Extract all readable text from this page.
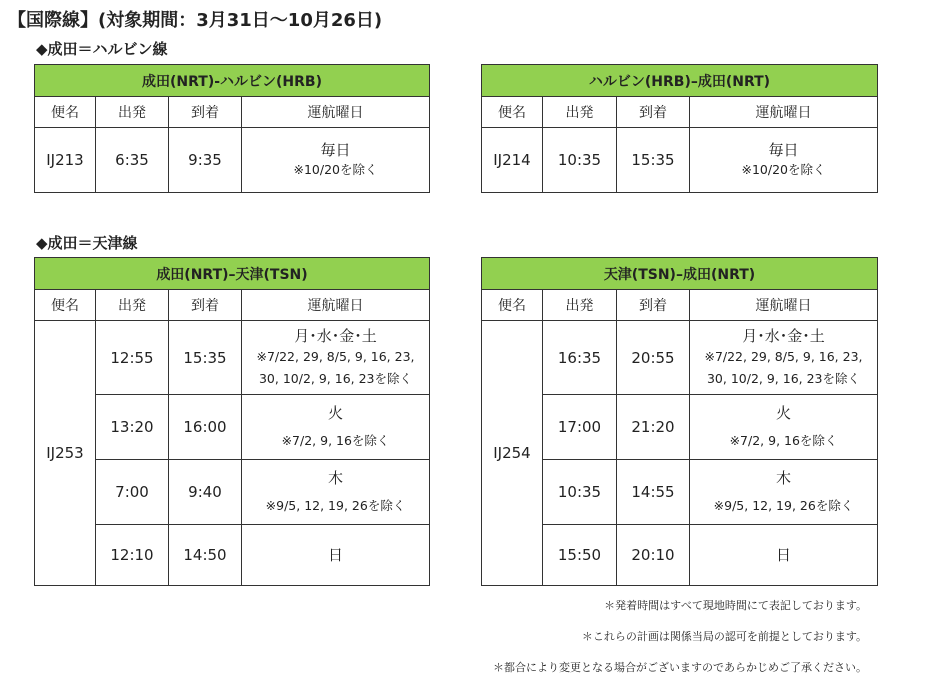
【国際線】(対象期間：3月31日～10月26日)
◆成田＝ハルビン線
成田(NRT)-ハルビン(HRB)			
便名	出発	到着	運航曜日
IJ213	6:35	9:35	毎日
※10/20を除く
ハルビン(HRB)–成田(NRT)			
便名	出発	到着	運航曜日
IJ214	10:35	15:35	毎日
※10/20を除く
◆成田＝天津線
成田(NRT)–天津(TSN)			
便名	出発	到着	運航曜日
IJ253	12:55	15:35	月･水･金･土
※7/22, 29, 8/5, 9, 16, 23,
30, 10/2, 9, 16, 23を除く

	13:20	16:00	火
※7/2, 9, 16を除く

	7:00	9:40	木
※9/5, 12, 19, 26を除く

	12:10	14:50	日
天津(TSN)–成田(NRT)			
便名	出発	到着	運航曜日
IJ254	16:35	20:55	月･水･金･土
※7/22, 29, 8/5, 9, 16, 23,
30, 10/2, 9, 16, 23を除く

	17:00	21:20	火
※7/2, 9, 16を除く

	10:35	14:55	木
※9/5, 12, 19, 26を除く

	15:50	20:10	日
＊発着時間はすべて現地時間にて表記しております。
＊これらの計画は関係当局の認可を前提としております。
＊都合により変更となる場合がございますのであらかじめご了承ください。
